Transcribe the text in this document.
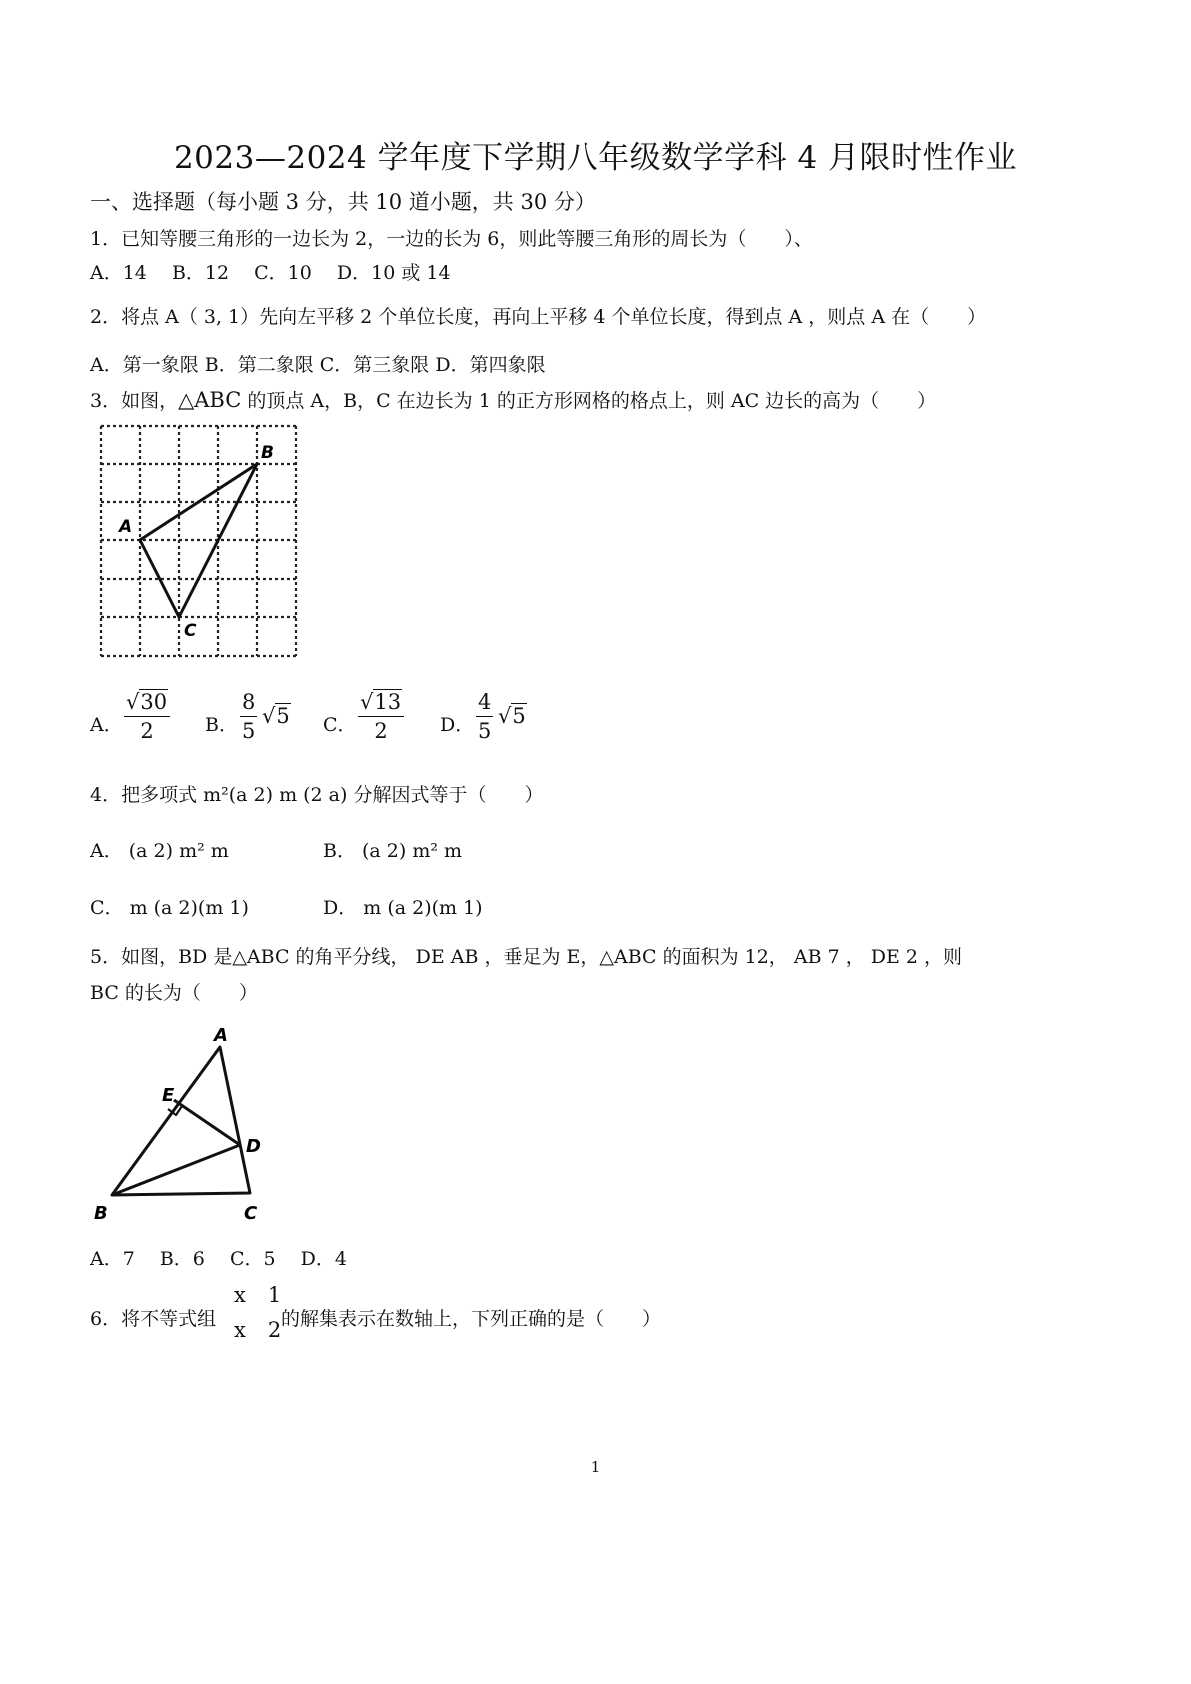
2023—2024 学年度下学期八年级数学学科 4 月限时性作业
一、选择题（每小题 3 分，共 10 道小题，共 30 分）
1．已知等腰三角形的一边长为 2，一边的长为 6，则此等腰三角形的周长为（　　）、
A．14　 B．12　 C．10　 D．10 或 14
2．将点 A（ 3, 1）先向左平移 2 个单位长度，再向上平移 4 个单位长度，得到点 A ，则点 A 在（　　）
A．第一象限 B．第二象限 C．第三象限 D．第四象限
3．如图，△ABC 的顶点 A，B，C 在边长为 1 的正方形网格的格点上，则 AC 边长的高为（　　）
A
B
C
A．
√30
2	B．
8
5
√5 C．
√13
2	D．
4
5
√5
4．把多项式 m²(a 2) m (2 a) 分解因式等于（　　）
A． (a 2) m² m	B． (a 2) m² m
C． m (a 2)(m 1)	D． m (a 2)(m 1)
5．如图，BD 是△ABC 的角平分线， DE AB ，垂足为 E，△ABC 的面积为 12， AB 7 ， DE 2 ，则
BC 的长为（　　）
A
E
D
B	C
A．7　 B．6　 C．5　 D．4
6．将不等式组
x 1
x 2 的解集表示在数轴上，下列正确的是（　　）
1
